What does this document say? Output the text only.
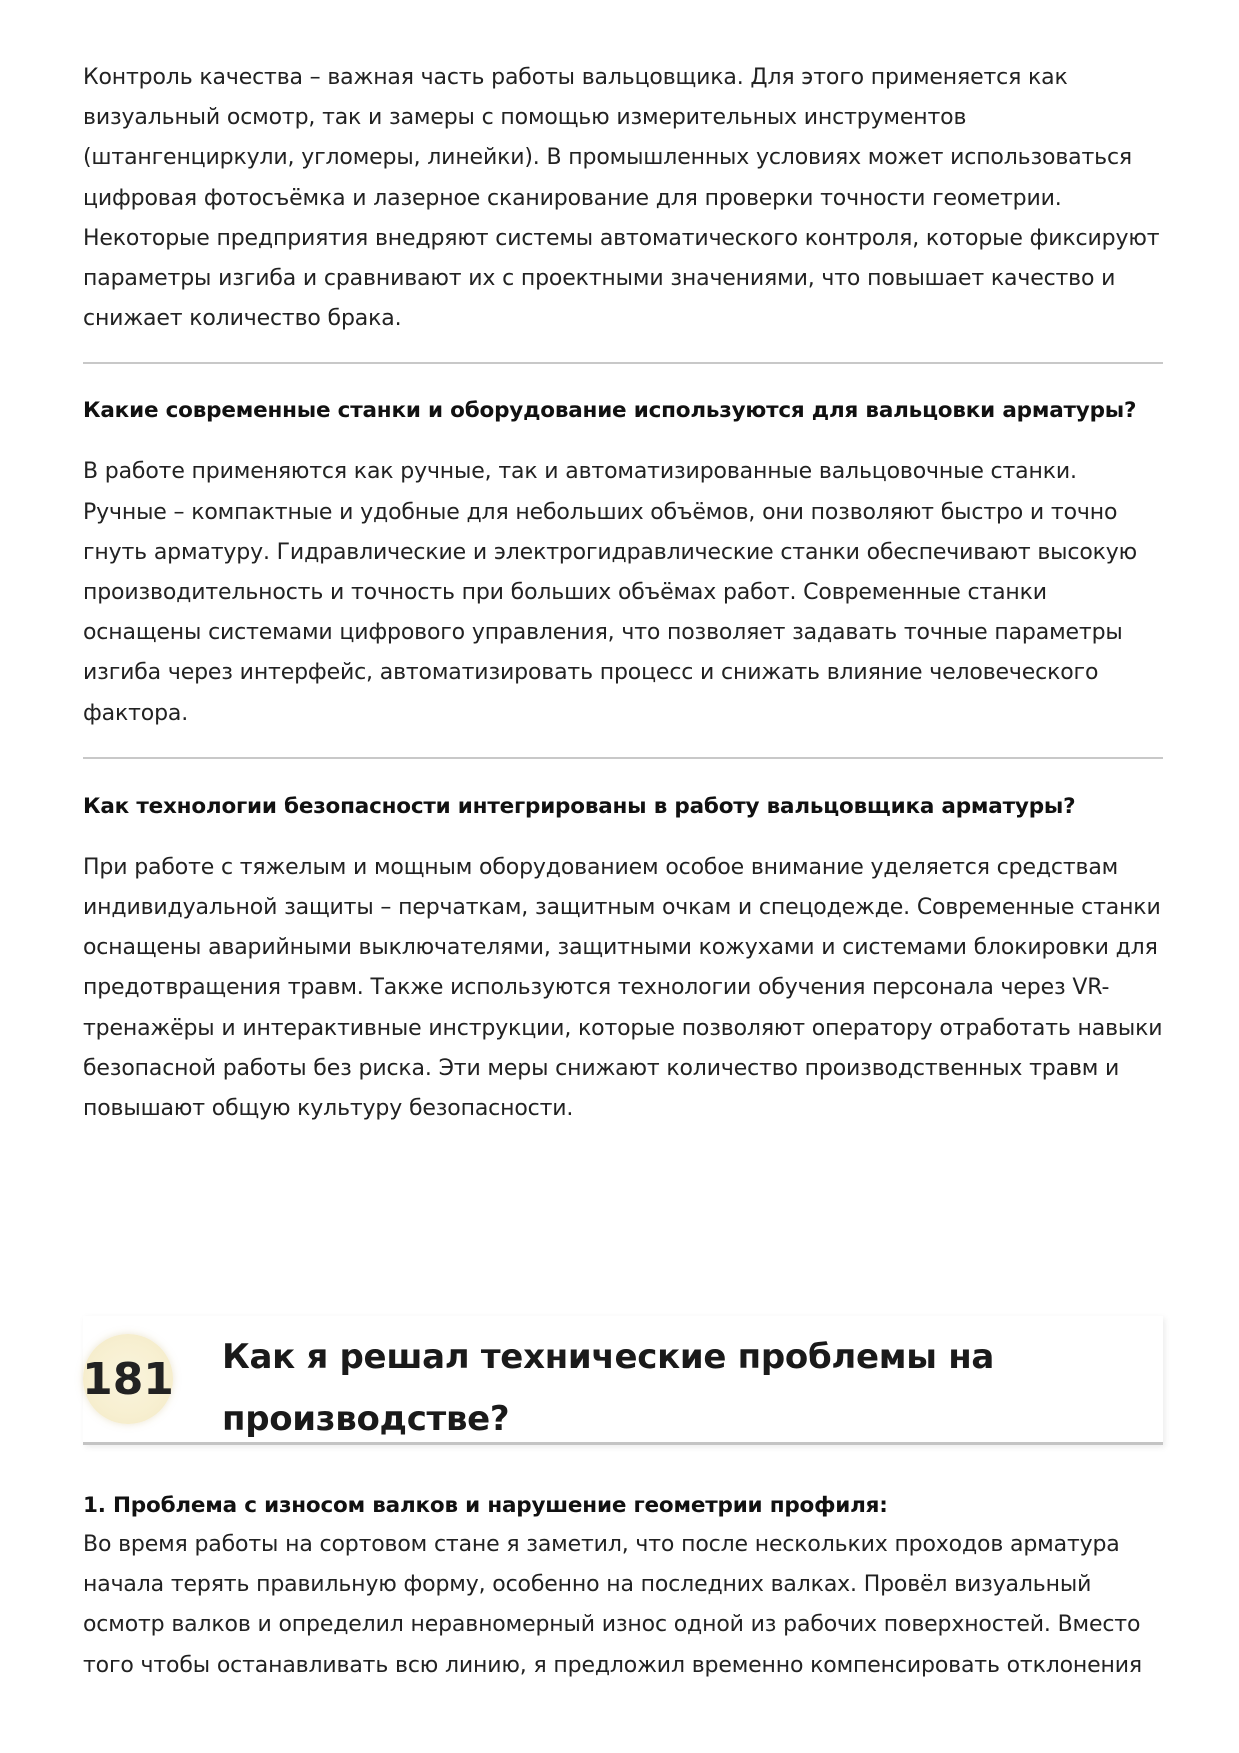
Контроль качества – важная часть работы вальцовщика. Для этого применяется как визуальный осмотр, так и замеры с помощью измерительных инструментов (штангенциркули, угломеры, линейки). В промышленных условиях может использоваться цифровая фотосъёмка и лазерное сканирование для проверки точности геометрии. Некоторые предприятия внедряют системы автоматического контроля, которые фиксируют параметры изгиба и сравнивают их с проектными значениями, что повышает качество и снижает количество брака.

Какие современные станки и оборудование используются для вальцовки арматуры?

В работе применяются как ручные, так и автоматизированные вальцовочные станки. Ручные – компактные и удобные для небольших объёмов, они позволяют быстро и точно гнуть арматуру. Гидравлические и электрогидравлические станки обеспечивают высокую производительность и точность при больших объёмах работ. Современные станки оснащены системами цифрового управления, что позволяет задавать точные параметры изгиба через интерфейс, автоматизировать процесс и снижать влияние человеческого фактора.

Как технологии безопасности интегрированы в работу вальцовщика арматуры?

При работе с тяжелым и мощным оборудованием особое внимание уделяется средствам индивидуальной защиты – перчаткам, защитным очкам и спецодежде. Современные станки оснащены аварийными выключателями, защитными кожухами и системами блокировки для предотвращения травм. Также используются технологии обучения персонала через VR-тренажёры и интерактивные инструкции, которые позволяют оператору отработать навыки безопасной работы без риска. Эти меры снижают количество производственных травм и повышают общую культуру безопасности.

181 Как я решал технические проблемы на производстве?

1. Проблема с износом валков и нарушение геометрии профиля:

Во время работы на сортовом стане я заметил, что после нескольких проходов арматура начала терять правильную форму, особенно на последних валках. Провёл визуальный осмотр валков и определил неравномерный износ одной из рабочих поверхностей. Вместо того чтобы останавливать всю линию, я предложил временно компенсировать отклонения
